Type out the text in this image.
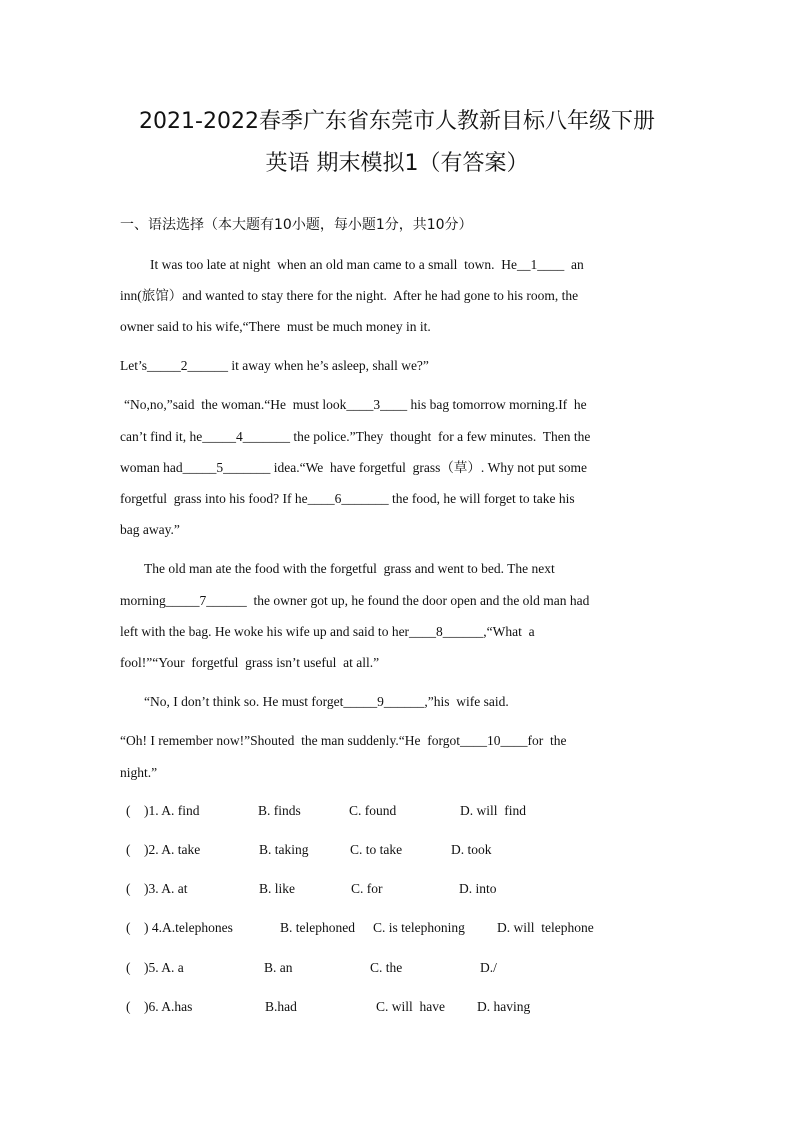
2021-2022春季广东省东莞市人教新目标八年级下册
英语 期末模拟1（有答案）
一、语法选择（本大题有10小题，每小题1分，共10分）
It was too late at night  when an old man came to a small  town.  He__1____  an
inn(旅馆）and wanted to stay there for the night.  After he had gone to his room, the
owner said to his wife,“There  must be much money in it.
Let’s_____2______ it away when he’s asleep, shall we?”
“No,no,”said  the woman.“He  must look____3____ his bag tomorrow morning.If  he
can’t find it, he_____4_______ the police.”They  thought  for a few minutes.  Then the
woman had_____5_______ idea.“We  have forgetful  grass（草）. Why not put some
forgetful  grass into his food? If he____6_______ the food, he will forget to take his
bag away.”
The old man ate the food with the forgetful  grass and went to bed. The next
morning_____7______  the owner got up, he found the door open and the old man had
left with the bag. He woke his wife up and said to her____8______,“What  a
fool!”“Your  forgetful  grass isn’t useful  at all.”
“No, I don’t think so. He must forget_____9______,”his  wife said.
“Oh! I remember now!”Shouted  the man suddenly.“He  forgot____10____for  the
night.”
(    )1. A. find	B. finds	C. found	D. will  find
(    )2. A. take	B. taking	C. to take	D. took
(    )3. A. at	B. like	C. for	D. into
(    ) 4.A.telephones	B. telephoned C. is telephoning D. will  telephone
(    )5. A. a	B. an	C. the	D./
(    )6. A.has	B.had	C. will  have D. having
